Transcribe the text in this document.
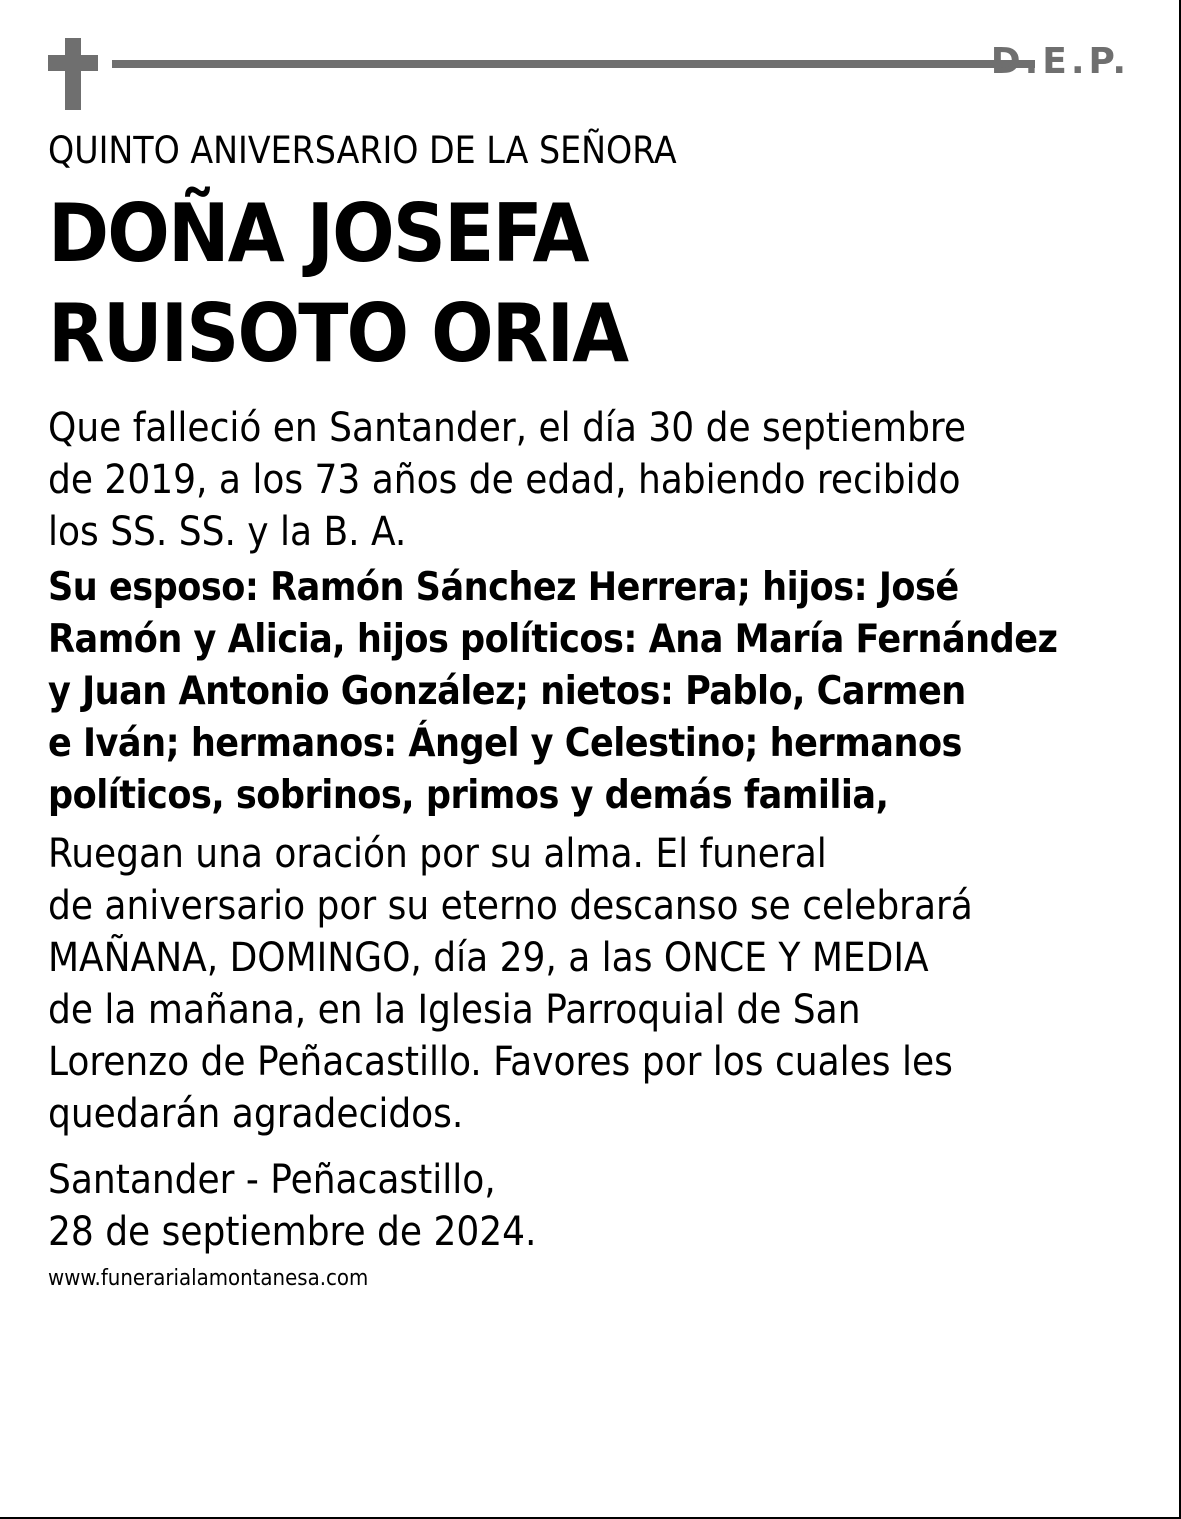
D.E.P.

QUINTO ANIVERSARIO DE LA SEÑORA

DOÑA JOSEFA
RUISOTO ORIA

Que falleció en Santander, el día 30 de septiembre
de 2019, a los 73 años de edad, habiendo recibido
los SS. SS. y la B. A.

Su esposo: Ramón Sánchez Herrera; hijos: José
Ramón y Alicia, hijos políticos: Ana María Fernández
y Juan Antonio González; nietos: Pablo, Carmen
e Iván; hermanos: Ángel y Celestino; hermanos
políticos, sobrinos, primos y demás familia,

Ruegan una oración por su alma. El funeral
de aniversario por su eterno descanso se celebrará
MAÑANA, DOMINGO, día 29, a las ONCE Y MEDIA
de la mañana, en la Iglesia Parroquial de San
Lorenzo de Peñacastillo. Favores por los cuales les
quedarán agradecidos.

Santander - Peñacastillo,
28 de septiembre de 2024.

www.funerarialamontanesa.com
